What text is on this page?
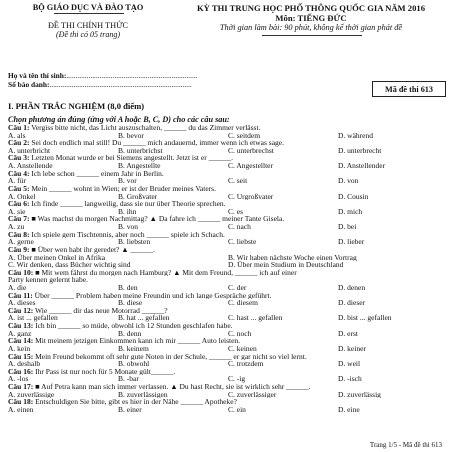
BỘ GIÁO DỤC VÀ ĐÀO TẠO
ĐỀ THI CHÍNH THỨC
(Đề thi có 05 trang)
KỲ THI TRUNG HỌC PHỔ THÔNG QUỐC GIA NĂM 2016
Môn: TIẾNG ĐỨC
Thời gian làm bài: 90 phút, không kể thời gian phát đề
Mã đề thi 613
Họ và tên thí sinh:.......................................................................
Số báo danh:.............................................................................
I. PHẦN TRẮC NGHIỆM (8,0 điểm)
Chọn phương án đúng (ứng với A hoặc B, C, D) cho các câu sau:
Câu 1: Vergiss bitte nicht, das Licht auszuschalten, ______ du das Zimmer verlässt.
A. als	B. bevor	C. seitdem	D. während
Câu 2: Sei doch endlich mal still! Du ______ mich andauernd, immer wenn ich etwas sage.
A. unterbricht	B. unterbrichst	C. unterbrechst	D. unterbrecht
Câu 3: Letzten Monat wurde er bei Siemens angestellt. Jetzt ist er ______.
A. Anstellende	B. Angestellte	C. Angestellter	D. Anstellender
Câu 4: Ich lebe schon ______ einem Jahr in Berlin.
A. für	B. vor	C. seit	D. von
Câu 5: Mein ______ wohnt in Wien; er ist der Bruder meines Vaters.
A. Onkel	B. Großvater	C. Urgroßvater	D. Cousin
Câu 6: Ich finde ______ langweilig, dass sie nur über Theorie sprechen.
A. sie	B. ihn	C. es	D. mich
Câu 7: ■ Was machst du morgen Nachmittag? ▲ Da fahre ich ______ meiner Tante Gisela.
A. zu	B. von	C. nach	D. bei
Câu 8: Ich spiele gern Tischtennis, aber noch ______ spiele ich Schach.
A. gerne	B. liebsten	C. liebste	D. lieber
Câu 9: ■ Über wen habt ihr geredet? ▲ ______.
A. Über meinen Onkel in Afrika	B. Wir haben nächste Woche einen Vortrag
C. Wir denken, dass Bücher wichtig sind	D. Über mein Studium in Deutschland
Câu 10: ■ Mit wem fährst du morgen nach Hamburg? ▲ Mit dem Freund, ______ ich auf einer
Party kennen gelernt habe.
A. die	B. den	C. der	D. denen
Câu 11: Über ______ Problem haben meine Freundin und ich lange Gespräche geführt.
A. dieses	B. diese	C. diesem	D. dieser
Câu 12: Wie ______ dir das neue Motorrad ______?
A. ist ... gefallen	B. hat ... gefallen	C. hast ... gefallen	D. bist ... gefallen
Câu 13: Ich bin ______ so müde, obwohl ich 12 Stunden geschlafen habe.
A. ganz	B. denn	C. noch	D. erst
Câu 14: Mit meinem jetzigen Einkommen kann ich mir ______ Auto leisten.
A. kein	B. keinem	C. keinen	D. keiner
Câu 15: Mein Freund bekommt oft sehr gute Noten in der Schule, ______ er gar nicht so viel lernt.
A. deshalb	B. obwohl	C. trotzdem	D. weil
Câu 16: Ihr Pass ist nur noch für 5 Monate gült______.
A. -los	B. -bar	C. -ig	D. -isch
Câu 17: ■ Auf Petra kann man sich immer verlassen. ▲ Du hast Recht, sie ist wirklich sehr ______.
A. zuverlässige	B. zuverlässigen	C. zuverlässiger	D. zuverlässig
Câu 18: Entschuldigen Sie bitte, gibt es hier in der Nähe ______ Apotheke?
A. einen	B. einer	C. ein	D. eine
Trang 1/5 - Mã đề thi 613
